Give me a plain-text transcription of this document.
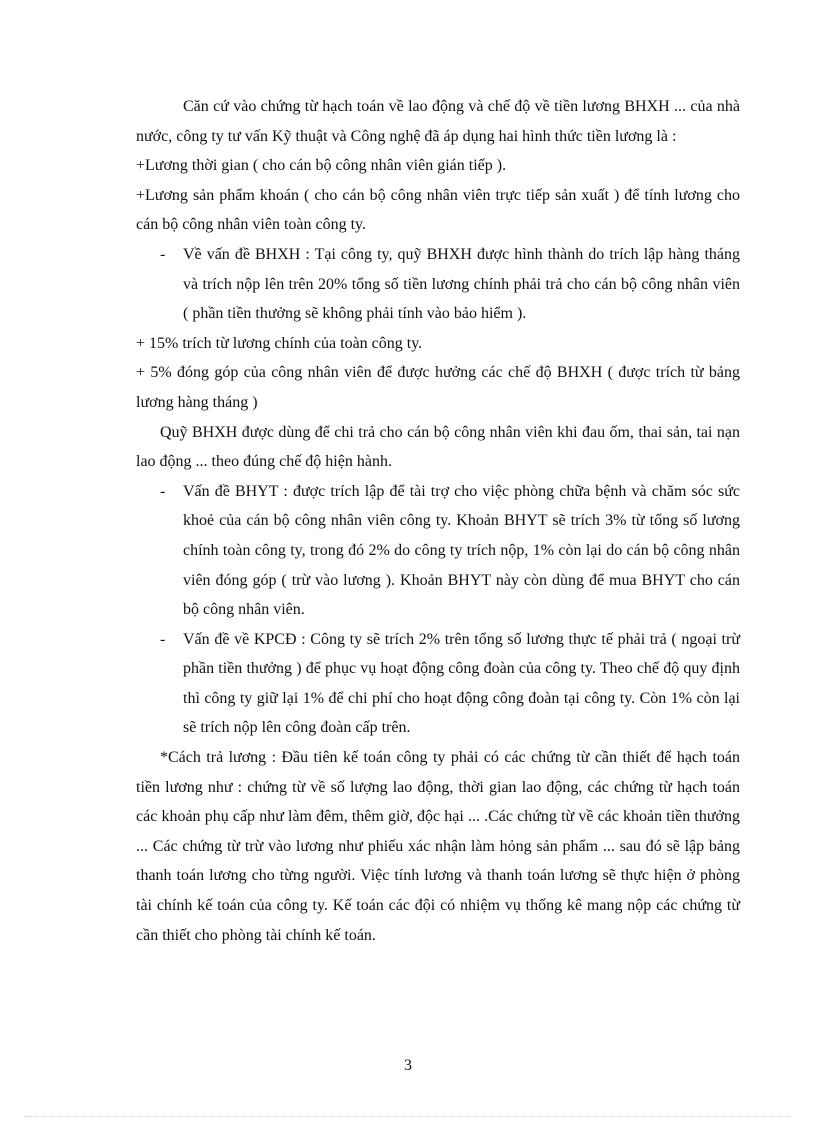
Căn cứ vào chứng từ hạch toán về lao động và chế độ về tiền lương BHXH ... của nhà nước, công ty tư vấn Kỹ thuật và Công nghệ đã áp dụng hai hình thức tiền lương là :

+Lương thời gian ( cho cán bộ công nhân viên gián tiếp ).

+Lương sản phẩm khoán ( cho cán bộ công nhân viên trực tiếp sản xuất ) để tính lương cho cán bộ công nhân viên toàn công ty.

- Về vấn đề BHXH : Tại công ty, quỹ BHXH được hình thành do trích lập hàng tháng và trích nộp lên trên 20% tổng số tiền lương chính phải trả cho cán bộ công nhân viên ( phần tiền thưởng sẽ không phải tính vào bảo hiểm ).

+ 15% trích từ lương chính của toàn công ty.

+ 5% đóng góp của công nhân viên để được hưởng các chế độ BHXH ( được trích từ bảng lương hàng tháng )

Quỹ BHXH được dùng để chi trả cho cán bộ công nhân viên khi đau ốm, thai sản, tai nạn lao động ... theo đúng chế độ hiện hành.

- Vấn đề BHYT : được trích lập để tài trợ cho việc phòng chữa bệnh và chăm sóc sức khoẻ của cán bộ công nhân viên công ty. Khoản BHYT sẽ trích 3% từ tổng số lương chính toàn công ty, trong đó 2% do công ty trích nộp, 1% còn lại do cán bộ công nhân viên đóng góp ( trừ vào lương ). Khoản BHYT này còn dùng để mua BHYT cho cán bộ công nhân viên.
- Vấn đề về KPCĐ : Công ty sẽ trích 2% trên tổng số lương thực tế phải trả ( ngoại trừ phần tiền thưởng ) để phục vụ hoạt động công đoàn của công ty. Theo chế độ quy định thì công ty giữ lại 1% để chi phí cho hoạt động công đoàn tại công ty. Còn 1% còn lại sẽ trích nộp lên công đoàn cấp trên.

*Cách trả lương : Đầu tiên kế toán công ty phải có các chứng từ cần thiết để hạch toán tiền lương như : chứng từ về số lượng lao động, thời gian lao động, các chứng từ hạch toán các khoản phụ cấp như làm đêm, thêm giờ, độc hại ... .Các chứng từ về các khoản tiền thưởng ... Các chứng từ trừ vào lương như phiếu xác nhận làm hỏng sản phẩm ... sau đó sẽ lập bảng thanh toán lương cho từng người. Việc tính lương và thanh toán lương sẽ thực hiện ở phòng tài chính kế toán của công ty. Kế toán các đội có nhiệm vụ thống kê mang nộp các chứng từ cần thiết cho phòng tài chính kế toán.

3
